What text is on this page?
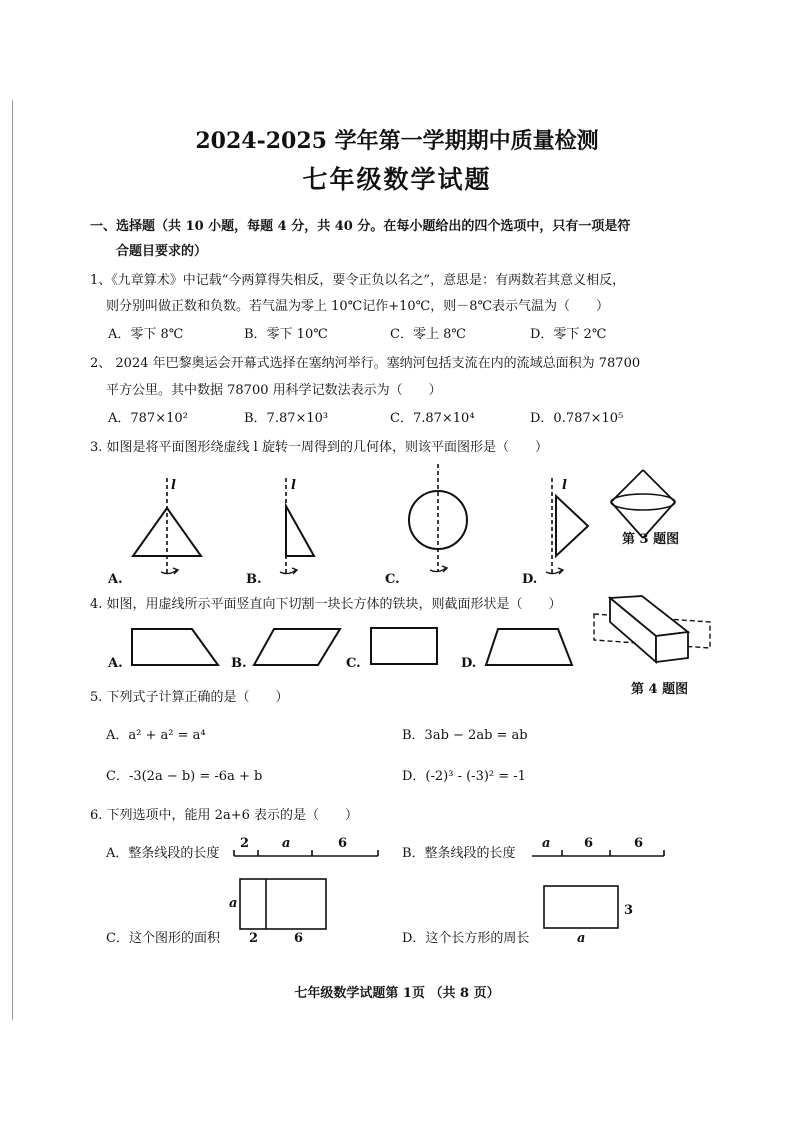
2024-2025 学年第一学期期中质量检测
七年级数学试题
一、选择题（共 10 小题，每题 4 分，共 40 分。在每小题给出的四个选项中，只有一项是符
合题目要求的）
1、《九章算术》中记载“今两算得失相反，要令正负以名之”，意思是：有两数若其意义相反，
则分别叫做正数和负数。若气温为零上 10℃记作+10℃，则－8℃表示气温为（　　）
A．零下 8℃	B．零下 10℃	C．零上 8℃	D．零下 2℃
2、 2024 年巴黎奥运会开幕式选择在塞纳河举行。塞纳河包括支流在内的流域总面积为 78700
平方公里。其中数据 78700 用科学记数法表示为（　　）
A．787×10²	B．7.87×10³	C．7.87×10⁴	D．0.787×10⁵
3. 如图是将平面图形绕虚线 l 旋转一周得到的几何体，则该平面图形是（　　）
l
A.
l
B.	C.
l
D.
第 3 题图
4. 如图，用虚线所示平面竖直向下切割一块长方体的铁块，则截面形状是（　　）
A.	B.	C.	D.
第 4 题图
5. 下列式子计算正确的是（　　）
A．a² + a² = a⁴	B．3ab − 2ab = ab
C．-3(2a − b) = -6a + b	D．(-2)³ - (-3)² = -1
6. 下列选项中，能用 2a+6 表示的是（　　）
A．整条线段的长度
2	a	6
B．整条线段的长度
a	6	6
C．这个图形的面积
a
2	6	D．这个长方形的周长
3
a
七年级数学试题第 1页 （共 8 页）
